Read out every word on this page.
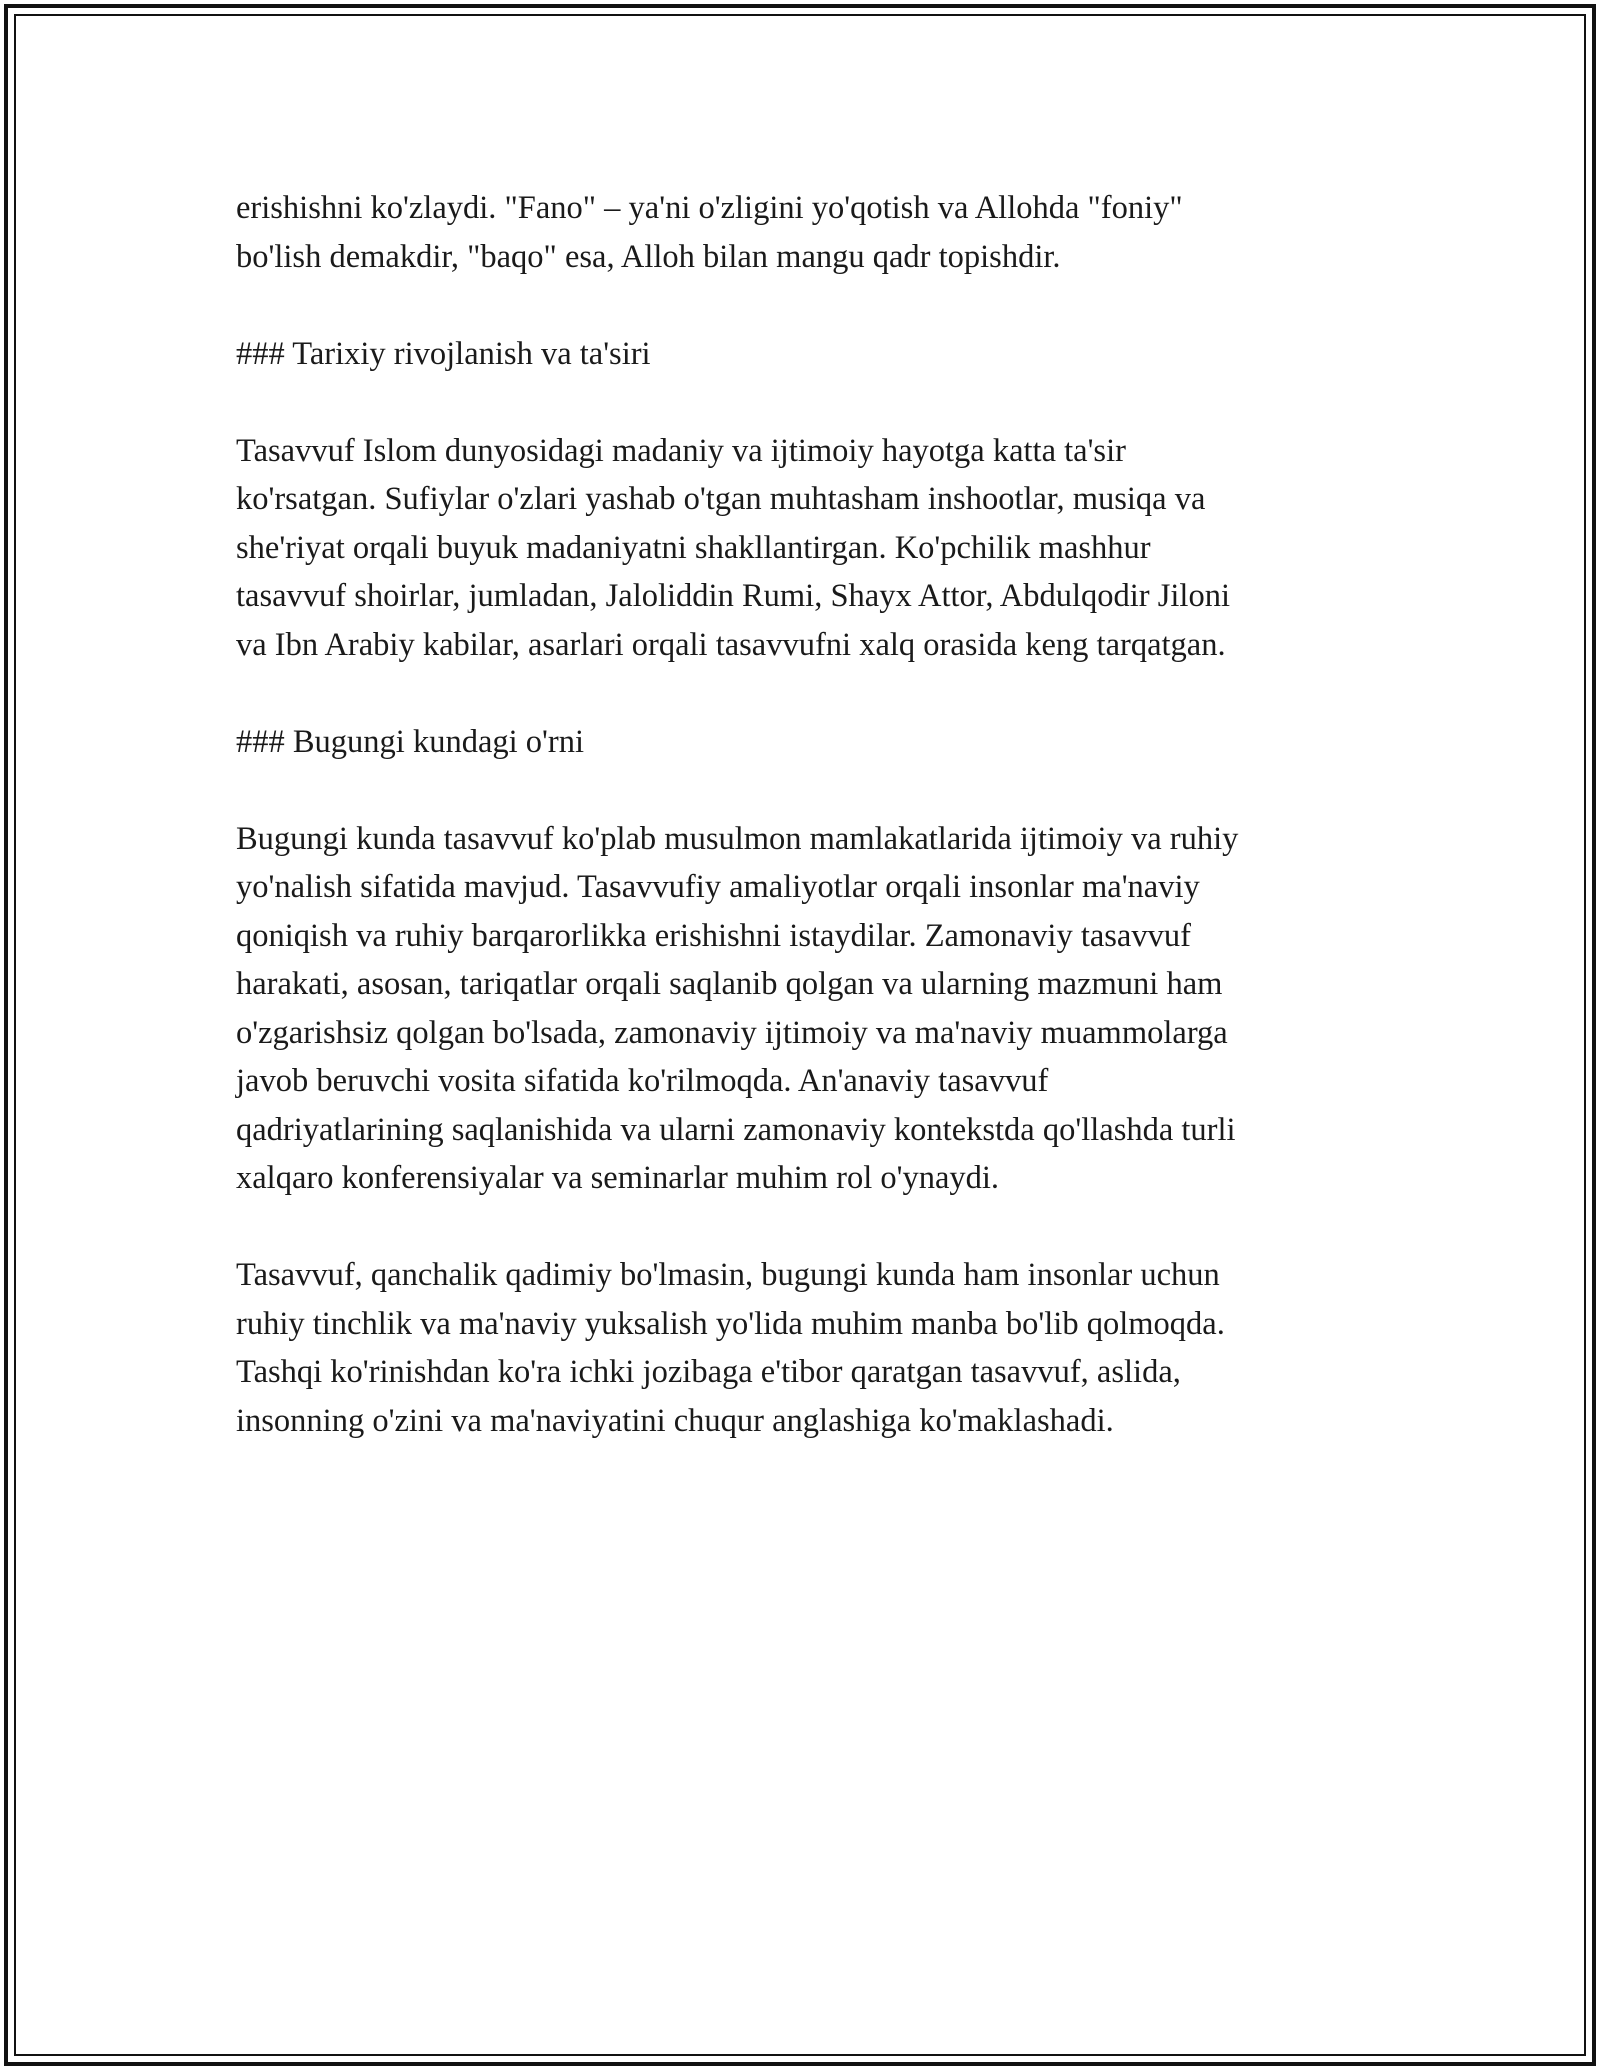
erishishni ko'zlaydi. "Fano" – ya'ni o'zligini yo'qotish va Allohda "foniy"
bo'lish demakdir, "baqo" esa, Alloh bilan mangu qadr topishdir.

### Tarixiy rivojlanish va ta'siri

Tasavvuf Islom dunyosidagi madaniy va ijtimoiy hayotga katta ta'sir
ko'rsatgan. Sufiylar o'zlari yashab o'tgan muhtasham inshootlar, musiqa va
she'riyat orqali buyuk madaniyatni shakllantirgan. Ko'pchilik mashhur
tasavvuf shoirlar, jumladan, Jaloliddin Rumi, Shayx Attor, Abdulqodir Jiloni
va Ibn Arabiy kabilar, asarlari orqali tasavvufni xalq orasida keng tarqatgan.

### Bugungi kundagi o'rni

Bugungi kunda tasavvuf ko'plab musulmon mamlakatlarida ijtimoiy va ruhiy
yo'nalish sifatida mavjud. Tasavvufiy amaliyotlar orqali insonlar ma'naviy
qoniqish va ruhiy barqarorlikka erishishni istaydilar. Zamonaviy tasavvuf
harakati, asosan, tariqatlar orqali saqlanib qolgan va ularning mazmuni ham
o'zgarishsiz qolgan bo'lsada, zamonaviy ijtimoiy va ma'naviy muammolarga
javob beruvchi vosita sifatida ko'rilmoqda. An'anaviy tasavvuf
qadriyatlarining saqlanishida va ularni zamonaviy kontekstda qo'llashda turli
xalqaro konferensiyalar va seminarlar muhim rol o'ynaydi.

Tasavvuf, qanchalik qadimiy bo'lmasin, bugungi kunda ham insonlar uchun
ruhiy tinchlik va ma'naviy yuksalish yo'lida muhim manba bo'lib qolmoqda.
Tashqi ko'rinishdan ko'ra ichki jozibaga e'tibor qaratgan tasavvuf, aslida,
insonning o'zini va ma'naviyatini chuqur anglashiga ko'maklashadi.
